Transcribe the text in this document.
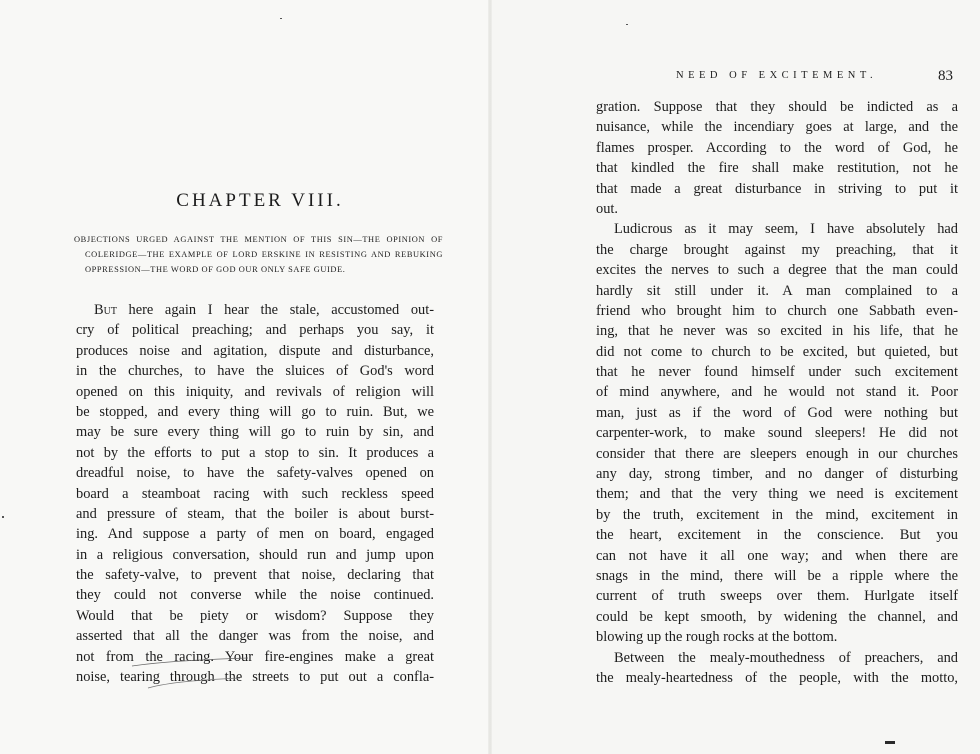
CHAPTER VIII.

OBJECTIONS URGED AGAINST THE MENTION OF THIS SIN—THE OPINION OF COLERIDGE—THE EXAMPLE OF LORD ERSKINE IN RESISTING AND REBUKING OPPRESSION—THE WORD OF GOD OUR ONLY SAFE GUIDE.

But here again I hear the stale, accustomed out-
cry of political preaching; and perhaps you say, it
produces noise and agitation, dispute and disturbance,
in the churches, to have the sluices of God's word
opened on this iniquity, and revivals of religion will
be stopped, and every thing will go to ruin. But, we
may be sure every thing will go to ruin by sin, and
not by the efforts to put a stop to sin. It produces a
dreadful noise, to have the safety-valves opened on
board a steamboat racing with such reckless speed
and pressure of steam, that the boiler is about burst-
ing. And suppose a party of men on board, engaged
in a religious conversation, should run and jump upon
the safety-valve, to prevent that noise, declaring that
they could not converse while the noise continued.
Would that be piety or wisdom? Suppose they
asserted that all the danger was from the noise, and
not from the racing. Your fire-engines make a great
noise, tearing through the streets to put out a confla-

NEED OF EXCITEMENT.	83

gration. Suppose that they should be indicted as a
nuisance, while the incendiary goes at large, and the
flames prosper. According to the word of God, he
that kindled the fire shall make restitution, not he
that made a great disturbance in striving to put it
out.
Ludicrous as it may seem, I have absolutely had
the charge brought against my preaching, that it
excites the nerves to such a degree that the man could
hardly sit still under it. A man complained to a
friend who brought him to church one Sabbath even-
ing, that he never was so excited in his life, that he
did not come to church to be excited, but quieted, but
that he never found himself under such excitement
of mind anywhere, and he would not stand it. Poor
man, just as if the word of God were nothing but
carpenter-work, to make sound sleepers! He did not
consider that there are sleepers enough in our churches
any day, strong timber, and no danger of disturbing
them; and that the very thing we need is excitement
by the truth, excitement in the mind, excitement in
the heart, excitement in the conscience. But you
can not have it all one way; and when there are
snags in the mind, there will be a ripple where the
current of truth sweeps over them. Hurlgate itself
could be kept smooth, by widening the channel, and
blowing up the rough rocks at the bottom.
Between the mealy-mouthedness of preachers, and
the mealy-heartedness of the people, with the motto,
